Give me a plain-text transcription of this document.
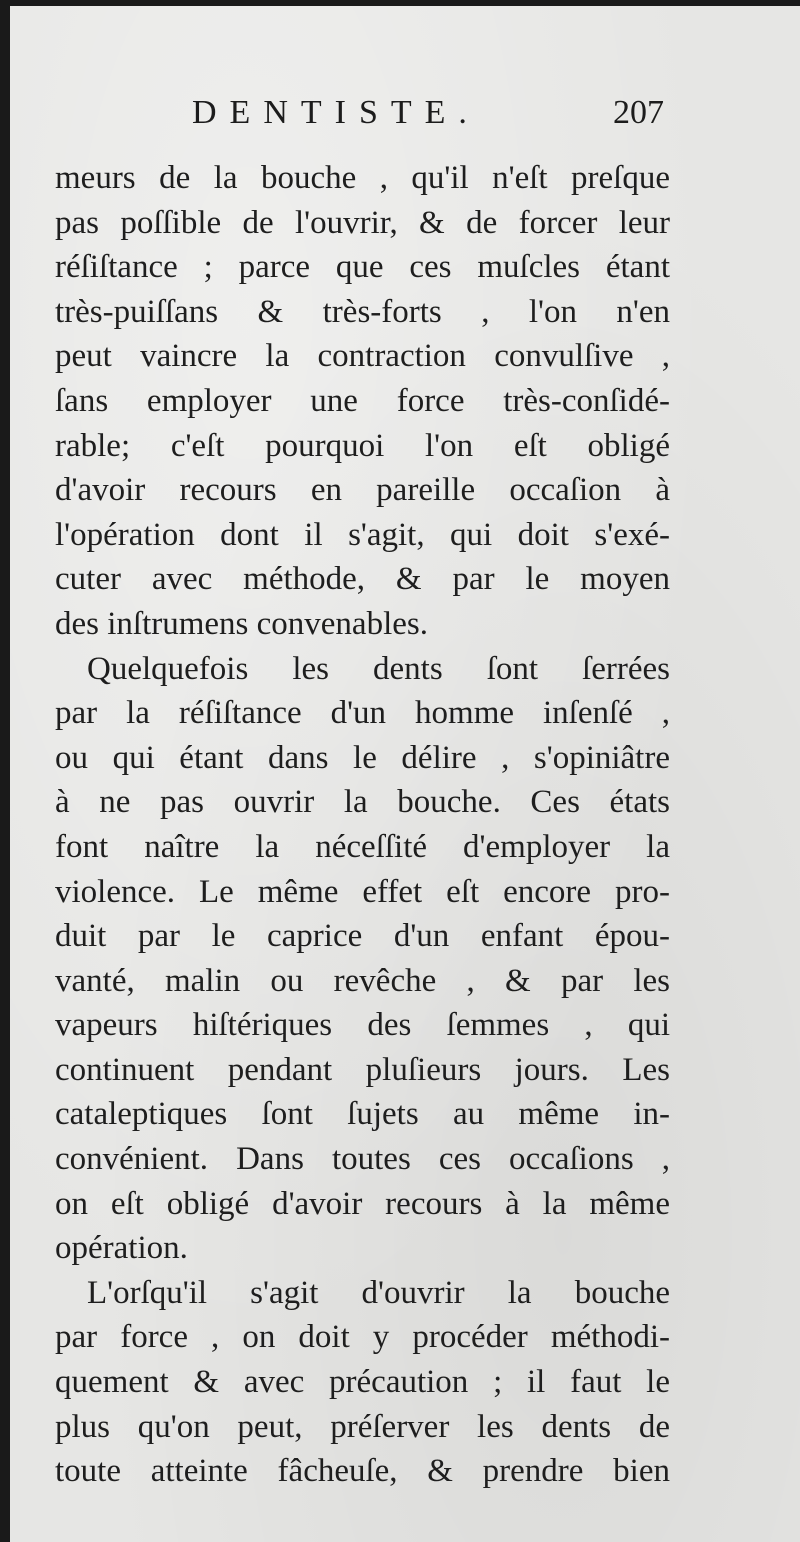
DENTISTE.	207
meurs de la bouche , qu'il n'eſt preſque
pas poſſible de l'ouvrir, & de forcer leur
réſiſtance ; parce que ces muſcles étant
très-puiſſans & très-forts , l'on n'en
peut vaincre la contraction convulſive ,
ſans employer une force très-conſidé-
rable; c'eſt pourquoi l'on eſt obligé
d'avoir recours en pareille occaſion à
l'opération dont il s'agit, qui doit s'exé-
cuter avec méthode, & par le moyen
des inſtrumens convenables.
Quelquefois les dents ſont ſerrées
par la réſiſtance d'un homme inſenſé ,
ou qui étant dans le délire , s'opiniâtre
à ne pas ouvrir la bouche. Ces états
font naître la néceſſité d'employer la
violence. Le même effet eſt encore pro-
duit par le caprice d'un enfant épou-
vanté, malin ou revêche , & par les
vapeurs hiſtériques des ſemmes , qui
continuent pendant pluſieurs jours. Les
cataleptiques ſont ſujets au même in-
convénient. Dans toutes ces occaſions ,
on eſt obligé d'avoir recours à la même
opération.
L'orſqu'il s'agit d'ouvrir la bouche
par force , on doit y procéder méthodi-
quement & avec précaution ; il faut le
plus qu'on peut, préſerver les dents de
toute atteinte fâcheuſe, & prendre bien
